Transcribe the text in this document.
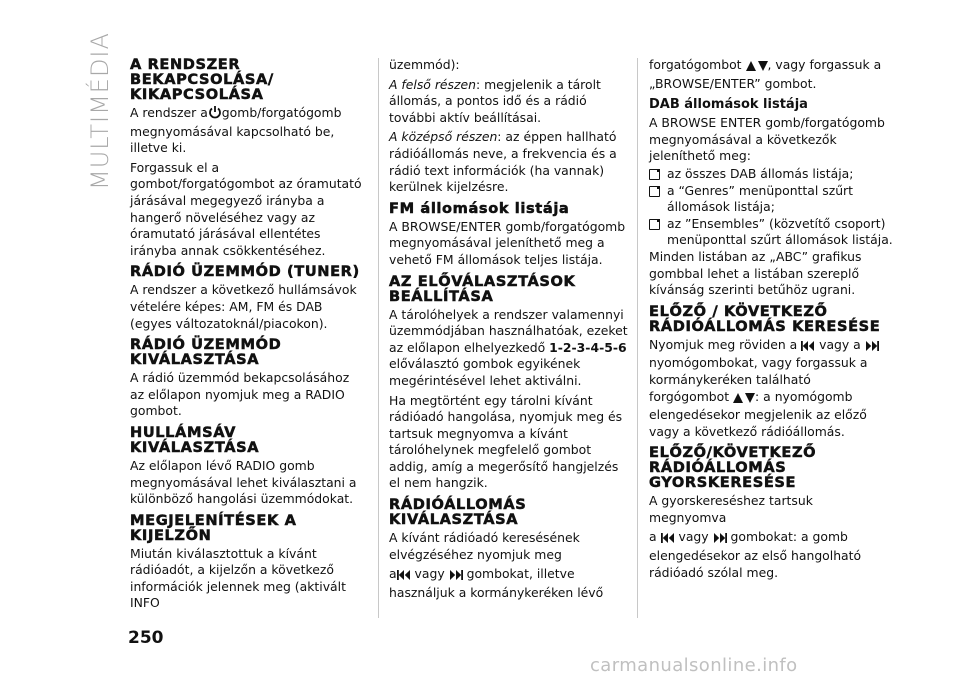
MULTIMÉDIA A RENDSZER BEKAPCSOLÁSA/ KIKAPCSOLÁSA

A rendszer a gomb/forgatógomb megnyomásával kapcsolható be, illetve ki.

Forgassuk el a gombot/forgatógombot az óramutató járásával megegyező irányba a hangerő növeléséhez vagy az óramutató járásával ellentétes irányba annak csökkentéséhez.

RÁDIÓ ÜZEMMÓD (TUNER)

A rendszer a következő hullámsávok vételére képes: AM, FM és DAB (egyes változatoknál/piacokon).

RÁDIÓ ÜZEMMÓD KIVÁLASZTÁSA

A rádió üzemmód bekapcsolásához az előlapon nyomjuk meg a RADIO gombot.

HULLÁMSÁV KIVÁLASZTÁSA

Az előlapon lévő RADIO gomb megnyomásával lehet kiválasztani a különböző hangolási üzemmódokat.

MEGJELENÍTÉSEK A KIJELZŐN

Miután kiválasztottuk a kívánt rádióadót, a kijelzőn a következő információk jelennek meg (aktivált INFO

üzemmód):

A felső részen: megjelenik a tárolt állomás, a pontos idő és a rádió további aktív beállításai.

A középső részen: az éppen hallható rádióállomás neve, a frekvencia és a rádió text információk (ha vannak) kerülnek kijelzésre.

FM állomások listája

A BROWSE/ENTER gomb/forgatógomb megnyomásával jeleníthető meg a vehető FM állomások teljes listája.

AZ ELŐVÁLASZTÁSOK BEÁLLÍTÁSA

A tárolóhelyek a rendszer valamennyi üzemmódjában használhatóak, ezeket az előlapon elhelyezkedő 1-2-3-4-5-6 előválasztó gombok egyikének megérintésével lehet aktiválni.

Ha megtörtént egy tárolni kívánt rádióadó hangolása, nyomjuk meg és tartsuk megnyomva a kívánt tárolóhelynek megfelelő gombot addig, amíg a megerősítő hangjelzés el nem hangzik.

RÁDIÓÁLLOMÁS KIVÁLASZTÁSA

A kívánt rádióadó keresésének elvégzéséhez nyomjuk meg

a vagy gombokat, illetve

használjuk a kormánykeréken lévő

forgatógombot , vagy forgassuk a „BROWSE/ENTER” gombot.

DAB állomások listája

A BROWSE ENTER gomb/forgatógomb megnyomásával a következők jeleníthető meg:

az összes DAB állomás listája;
a “Genres” menüponttal szűrt állomások listája;
az ”Ensembles” (közvetítő csoport) menüponttal szűrt állomások listája.

Minden listában az „ABC” grafikus gombbal lehet a listában szereplő kívánság szerinti betűhöz ugrani.

ELŐZŐ / KÖVETKEZŐ RÁDIÓÁLLOMÁS KERESÉSE

Nyomjuk meg röviden a vagy a  nyomógombokat, vagy forgassuk a kormánykeréken található forgógombot : a nyomógomb elengedésekor megjelenik az előző vagy a következő rádióállomás.

ELŐZŐ/KÖVETKEZŐ RÁDIÓÁLLOMÁS GYORSKERESÉSE

A gyorskereséshez tartsuk megnyomva

a vagy gombokat: a gomb elengedésekor az első hangolható rádióadó szólal meg.

250
carmanualsonline.info
